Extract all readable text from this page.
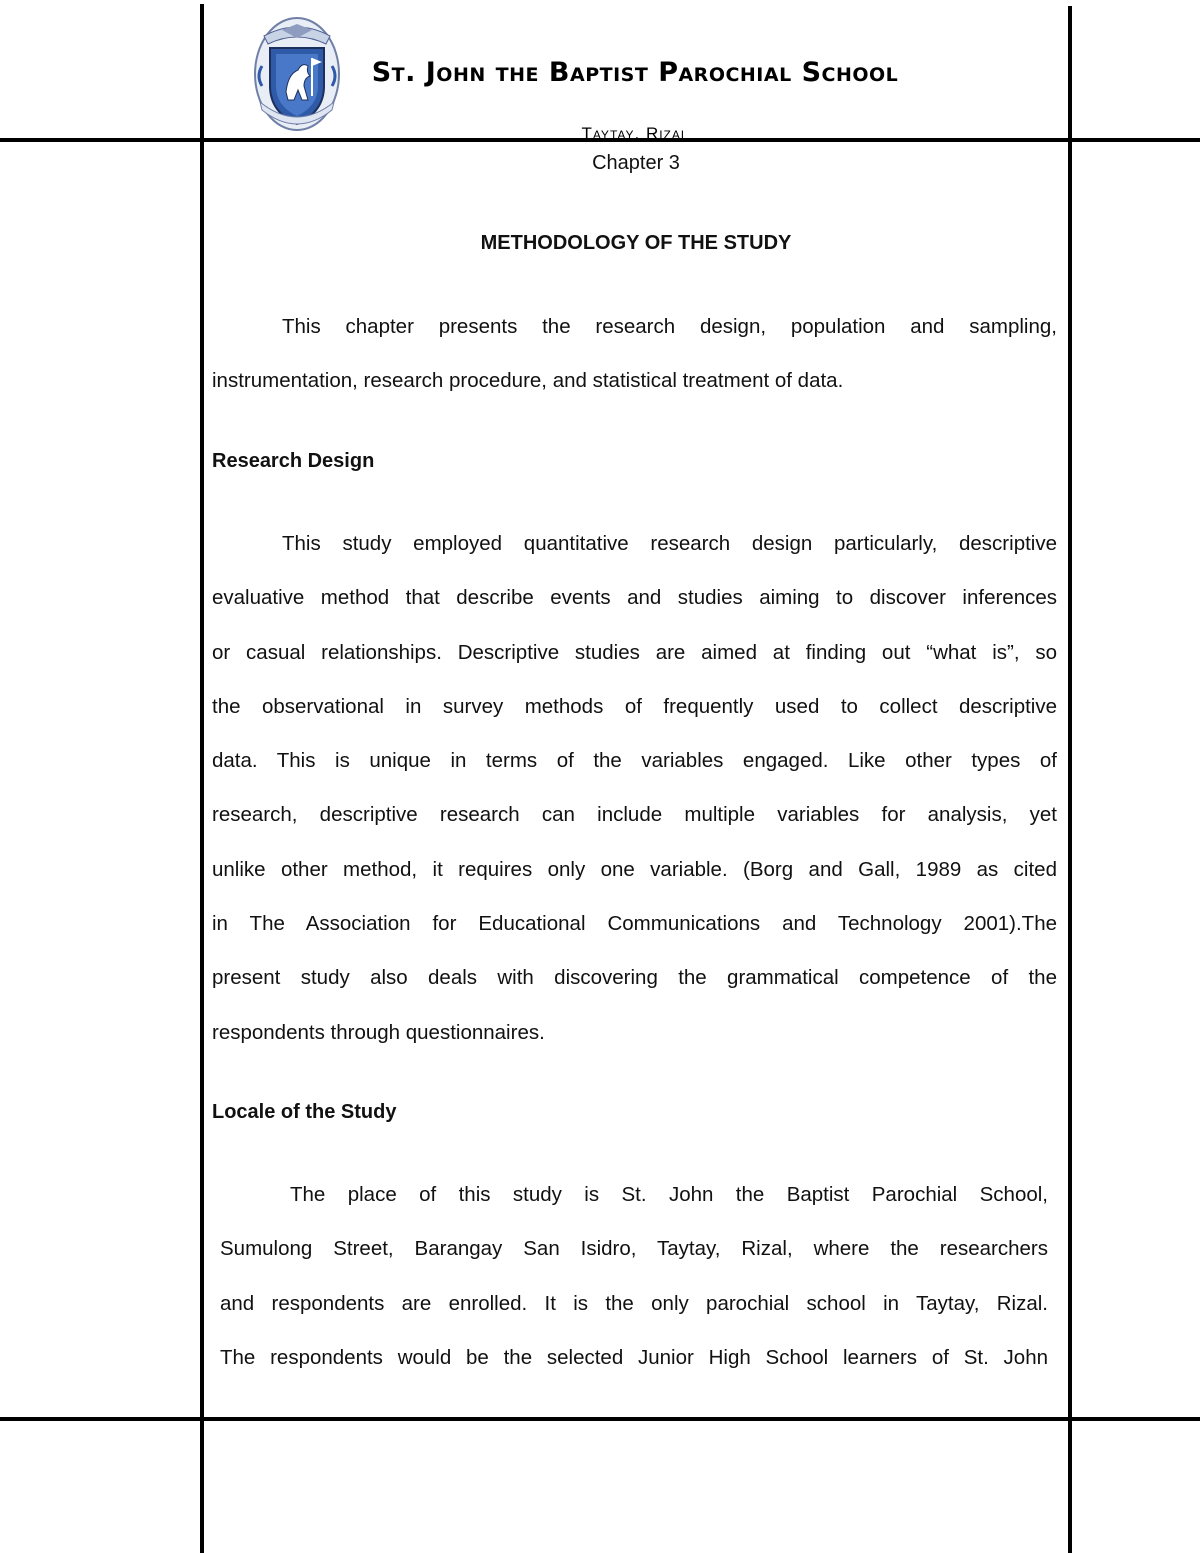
St. John the Baptist Parochial School
Taytay, Rizal

Chapter 3

METHODOLOGY OF THE STUDY

This chapter presents the research design, population and sampling,
instrumentation, research procedure, and statistical treatment of data.

Research Design

This study employed quantitative research design particularly, descriptive
evaluative method that describe events and studies aiming to discover inferences
or casual relationships. Descriptive studies are aimed at finding out “what is”, so
the observational in survey methods of frequently used to collect descriptive
data. This is unique in terms of the variables engaged. Like other types of
research, descriptive research can include multiple variables for analysis, yet
unlike other method, it requires only one variable. (Borg and Gall, 1989 as cited
in The Association for Educational Communications and Technology 2001).The
present study also deals with discovering the grammatical competence of the
respondents through questionnaires.

Locale of the Study

The place of this study is St. John the Baptist Parochial School,
Sumulong Street, Barangay San Isidro, Taytay, Rizal, where the researchers
and respondents are enrolled. It is the only parochial school in Taytay, Rizal.
The respondents would be the selected Junior High School learners of St. John
